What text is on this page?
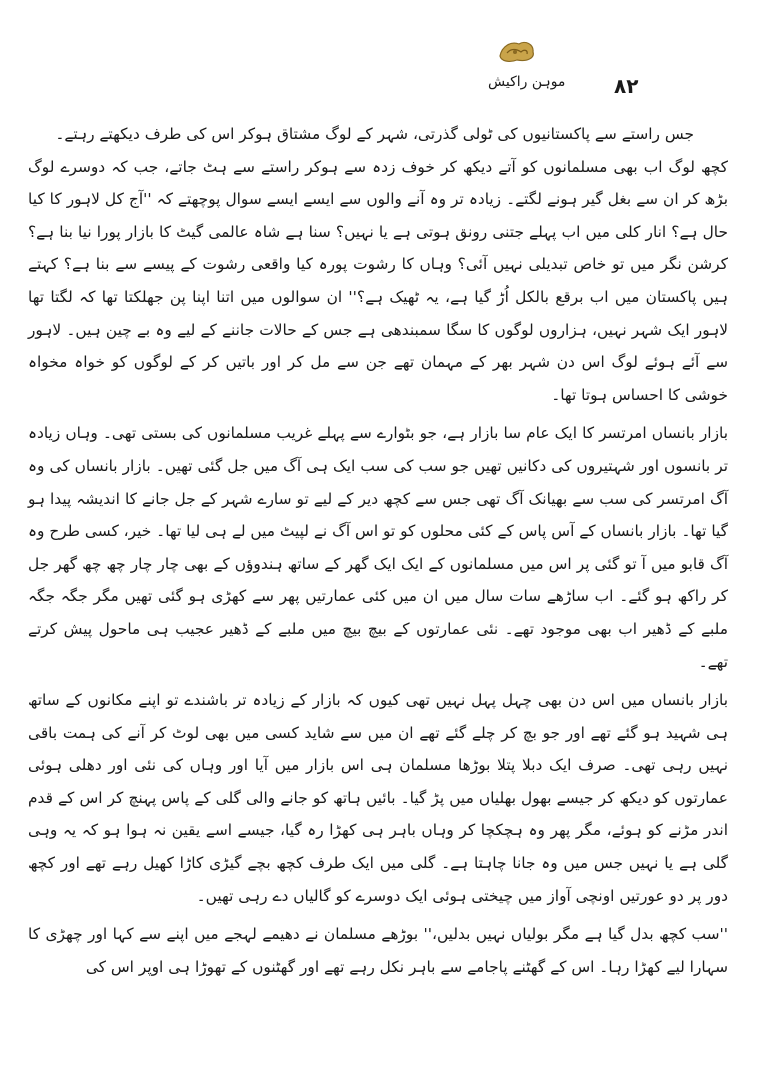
موہن راکیش ۸۲

جس راستے سے پاکستانیوں کی ٹولی گذرتی، شہر کے لوگ مشتاق ہوکر اس کی طرف دیکھتے رہتے۔

کچھ لوگ اب بھی مسلمانوں کو آتے دیکھ کر خوف زدہ سے ہوکر راستے سے ہٹ جاتے، جب کہ دوسرے لوگ بڑھ کر ان سے بغل گیر ہونے لگتے۔ زیادہ تر وہ آنے والوں سے ایسے ایسے سوال پوچھتے کہ ''آج کل لاہور کا کیا حال ہے؟ انار کلی میں اب پہلے جتنی رونق ہوتی ہے یا نہیں؟ سنا ہے شاہ عالمی گیٹ کا بازار پورا نیا بنا ہے؟ کرشن نگر میں تو خاص تبدیلی نہیں آئی؟ وہاں کا رشوت پورہ کیا واقعی رشوت کے پیسے سے بنا ہے؟ کہتے ہیں پاکستان میں اب برقع بالکل اُڑ گیا ہے، یہ ٹھیک ہے؟'' ان سوالوں میں اتنا اپنا پن جھلکتا تھا کہ لگتا تھا لاہور ایک شہر نہیں، ہزاروں لوگوں کا سگا سمبندھی ہے جس کے حالات جاننے کے لیے وہ بے چین ہیں۔ لاہور سے آئے ہوئے لوگ اس دن شہر بھر کے مہمان تھے جن سے مل کر اور باتیں کر کے لوگوں کو خواہ مخواہ خوشی کا احساس ہوتا تھا۔

بازار بانساں امرتسر کا ایک عام سا بازار ہے، جو بٹوارے سے پہلے غریب مسلمانوں کی بستی تھی۔ وہاں زیادہ تر بانسوں اور شہتیروں کی دکانیں تھیں جو سب کی سب ایک ہی آگ میں جل گئی تھیں۔ بازار بانساں کی وہ آگ امرتسر کی سب سے بھیانک آگ تھی جس سے کچھ دیر کے لیے تو سارے شہر کے جل جانے کا اندیشہ پیدا ہو گیا تھا۔ بازار بانساں کے آس پاس کے کئی محلوں کو تو اس آگ نے لپیٹ میں لے ہی لیا تھا۔ خیر، کسی طرح وہ آگ قابو میں آ تو گئی پر اس میں مسلمانوں کے ایک ایک گھر کے ساتھ ہندوؤں کے بھی چار چار چھ چھ گھر جل کر راکھ ہو گئے۔ اب ساڑھے سات سال میں ان میں کئی عمارتیں پھر سے کھڑی ہو گئی تھیں مگر جگہ جگہ ملبے کے ڈھیر اب بھی موجود تھے۔ نئی عمارتوں کے بیچ بیچ میں ملبے کے ڈھیر عجیب ہی ماحول پیش کرتے تھے۔

بازار بانساں میں اس دن بھی چہل پہل نہیں تھی کیوں کہ بازار کے زیادہ تر باشندے تو اپنے مکانوں کے ساتھ ہی شہید ہو گئے تھے اور جو بچ کر چلے گئے تھے ان میں سے شاید کسی میں بھی لوٹ کر آنے کی ہمت باقی نہیں رہی تھی۔ صرف ایک دبلا پتلا بوڑھا مسلمان ہی اس بازار میں آیا اور وہاں کی نئی اور دھلی ہوئی عمارتوں کو دیکھ کر جیسے بھول بھلیاں میں پڑ گیا۔ بائیں ہاتھ کو جانے والی گلی کے پاس پہنچ کر اس کے قدم اندر مڑنے کو ہوئے، مگر پھر وہ ہچکچا کر وہاں باہر ہی کھڑا رہ گیا، جیسے اسے یقین نہ ہوا ہو کہ یہ وہی گلی ہے یا نہیں جس میں وہ جانا چاہتا ہے۔ گلی میں ایک طرف کچھ بچے گیڑی کاڑا کھیل رہے تھے اور کچھ دور پر دو عورتیں اونچی آواز میں چیختی ہوئی ایک دوسرے کو گالیاں دے رہی تھیں۔

''سب کچھ بدل گیا ہے مگر بولیاں نہیں بدلیں،'' بوڑھے مسلمان نے دھیمے لہجے میں اپنے سے کہا اور چھڑی کا سہارا لیے کھڑا رہا۔ اس کے گھٹنے پاجامے سے باہر نکل رہے تھے اور گھٹنوں کے تھوڑا ہی اوپر اس کی
